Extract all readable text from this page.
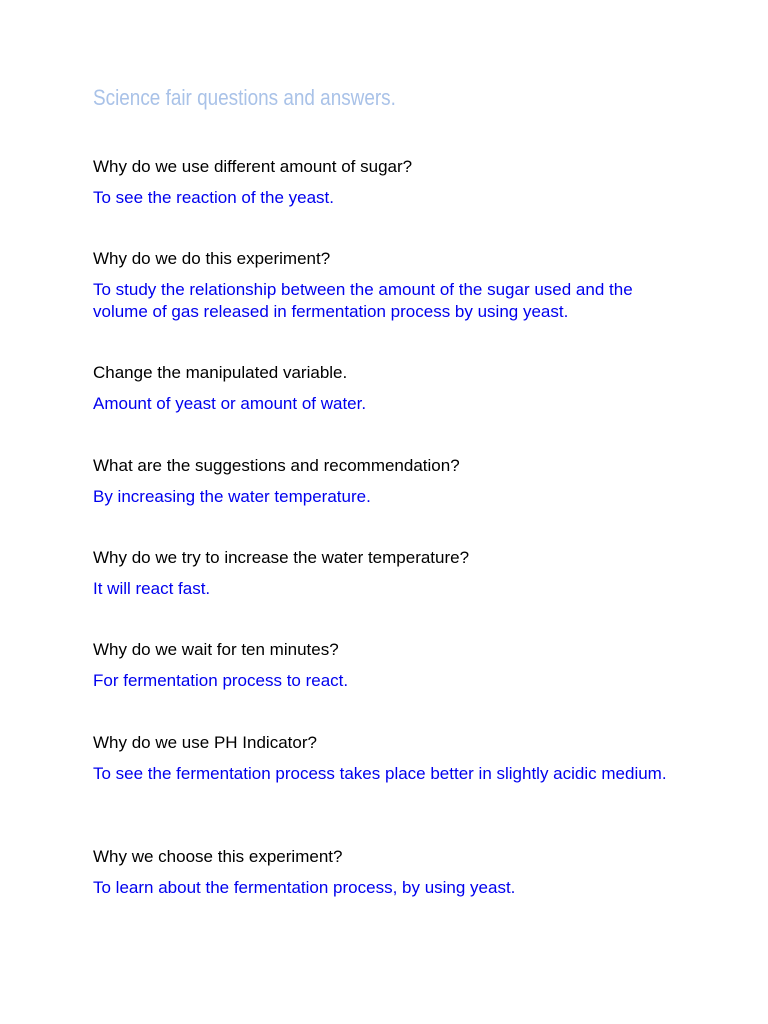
Science fair questions and answers.

Why do we use different amount of sugar?

To see the reaction of the yeast.

Why do we do this experiment?

To study the relationship between the amount of the sugar used and the volume of gas released in fermentation process by using yeast.

Change the manipulated variable.

Amount of yeast or amount of water.

What are the suggestions and recommendation?

By increasing the water temperature.

Why do we try to increase the water temperature?

It will react fast.

Why do we wait for ten minutes?

For fermentation process to react.

Why do we use PH Indicator?

To see the fermentation process takes place better in slightly acidic medium.

Why we choose this experiment?

To learn about the fermentation process, by using yeast.
